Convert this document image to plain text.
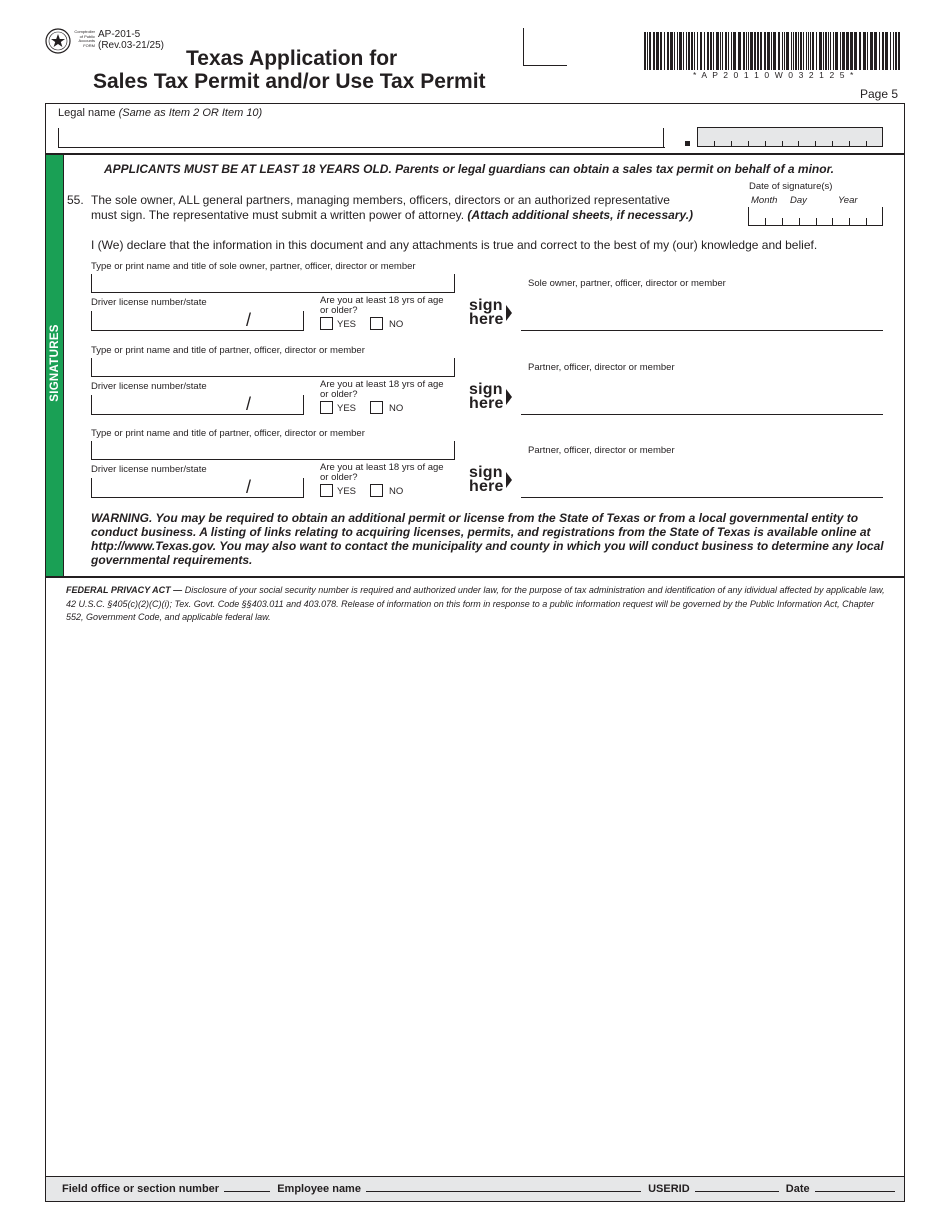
Comptroller of Public Accounts FORM
AP-201-5
(Rev.03-21/25)
Texas Application for
Sales Tax Permit and/or Use Tax Permit	* A P 2 0 1 1 0 W 0 3 2 1 2 5 *
Page 5
Legal name (Same as Item 2 OR Item 10)
SIGNATURES
APPLICANTS MUST BE AT LEAST 18 YEARS OLD. Parents or legal guardians can obtain a sales tax permit on behalf of a minor.
55. The sole owner, ALL general partners, managing members, officers, directors or an authorized representative
must sign. The representative must submit a written power of attorney. (Attach additional sheets, if necessary.)
Date of signature(s)
Month Day	Year
I (We) declare that the information in this document and any attachments is true and correct to the best of my (our) knowledge and belief.
Type or print name and title of sole owner, partner, officer, director or member
Driver license number/state
/
Are you at least 18 yrs of age or older?
YES	NO
sign
here
Sole owner, partner, officer, director or member
Type or print name and title of partner, officer, director or member
Driver license number/state
/
Are you at least 18 yrs of age or older?
YES	NO
sign
here
Partner, officer, director or member
Type or print name and title of partner, officer, director or member
Driver license number/state
/
Are you at least 18 yrs of age or older?
YES	NO
sign
here
Partner, officer, director or member
WARNING. You may be required to obtain an additional permit or license from the State of Texas or from a local governmental entity to conduct business. A listing of links relating to acquiring licenses, permits, and registrations from the State of Texas is available online at http://www.Texas.gov. You may also want to contact the municipality and county in which you will conduct business to determine any local governmental requirements.
FEDERAL PRIVACY ACT — Disclosure of your social security number is required and authorized under law, for the purpose of tax administration and identification of any idividual affected by applicable law, 42 U.S.C. §405(c)(2)(C)(i); Tex. Govt. Code §§403.011 and 403.078. Release of information on this form in response to a public information request will be governed by the Public Information Act, Chapter 552, Government Code, and applicable federal law.
Field office or section number	Employee name	USERID	Date
